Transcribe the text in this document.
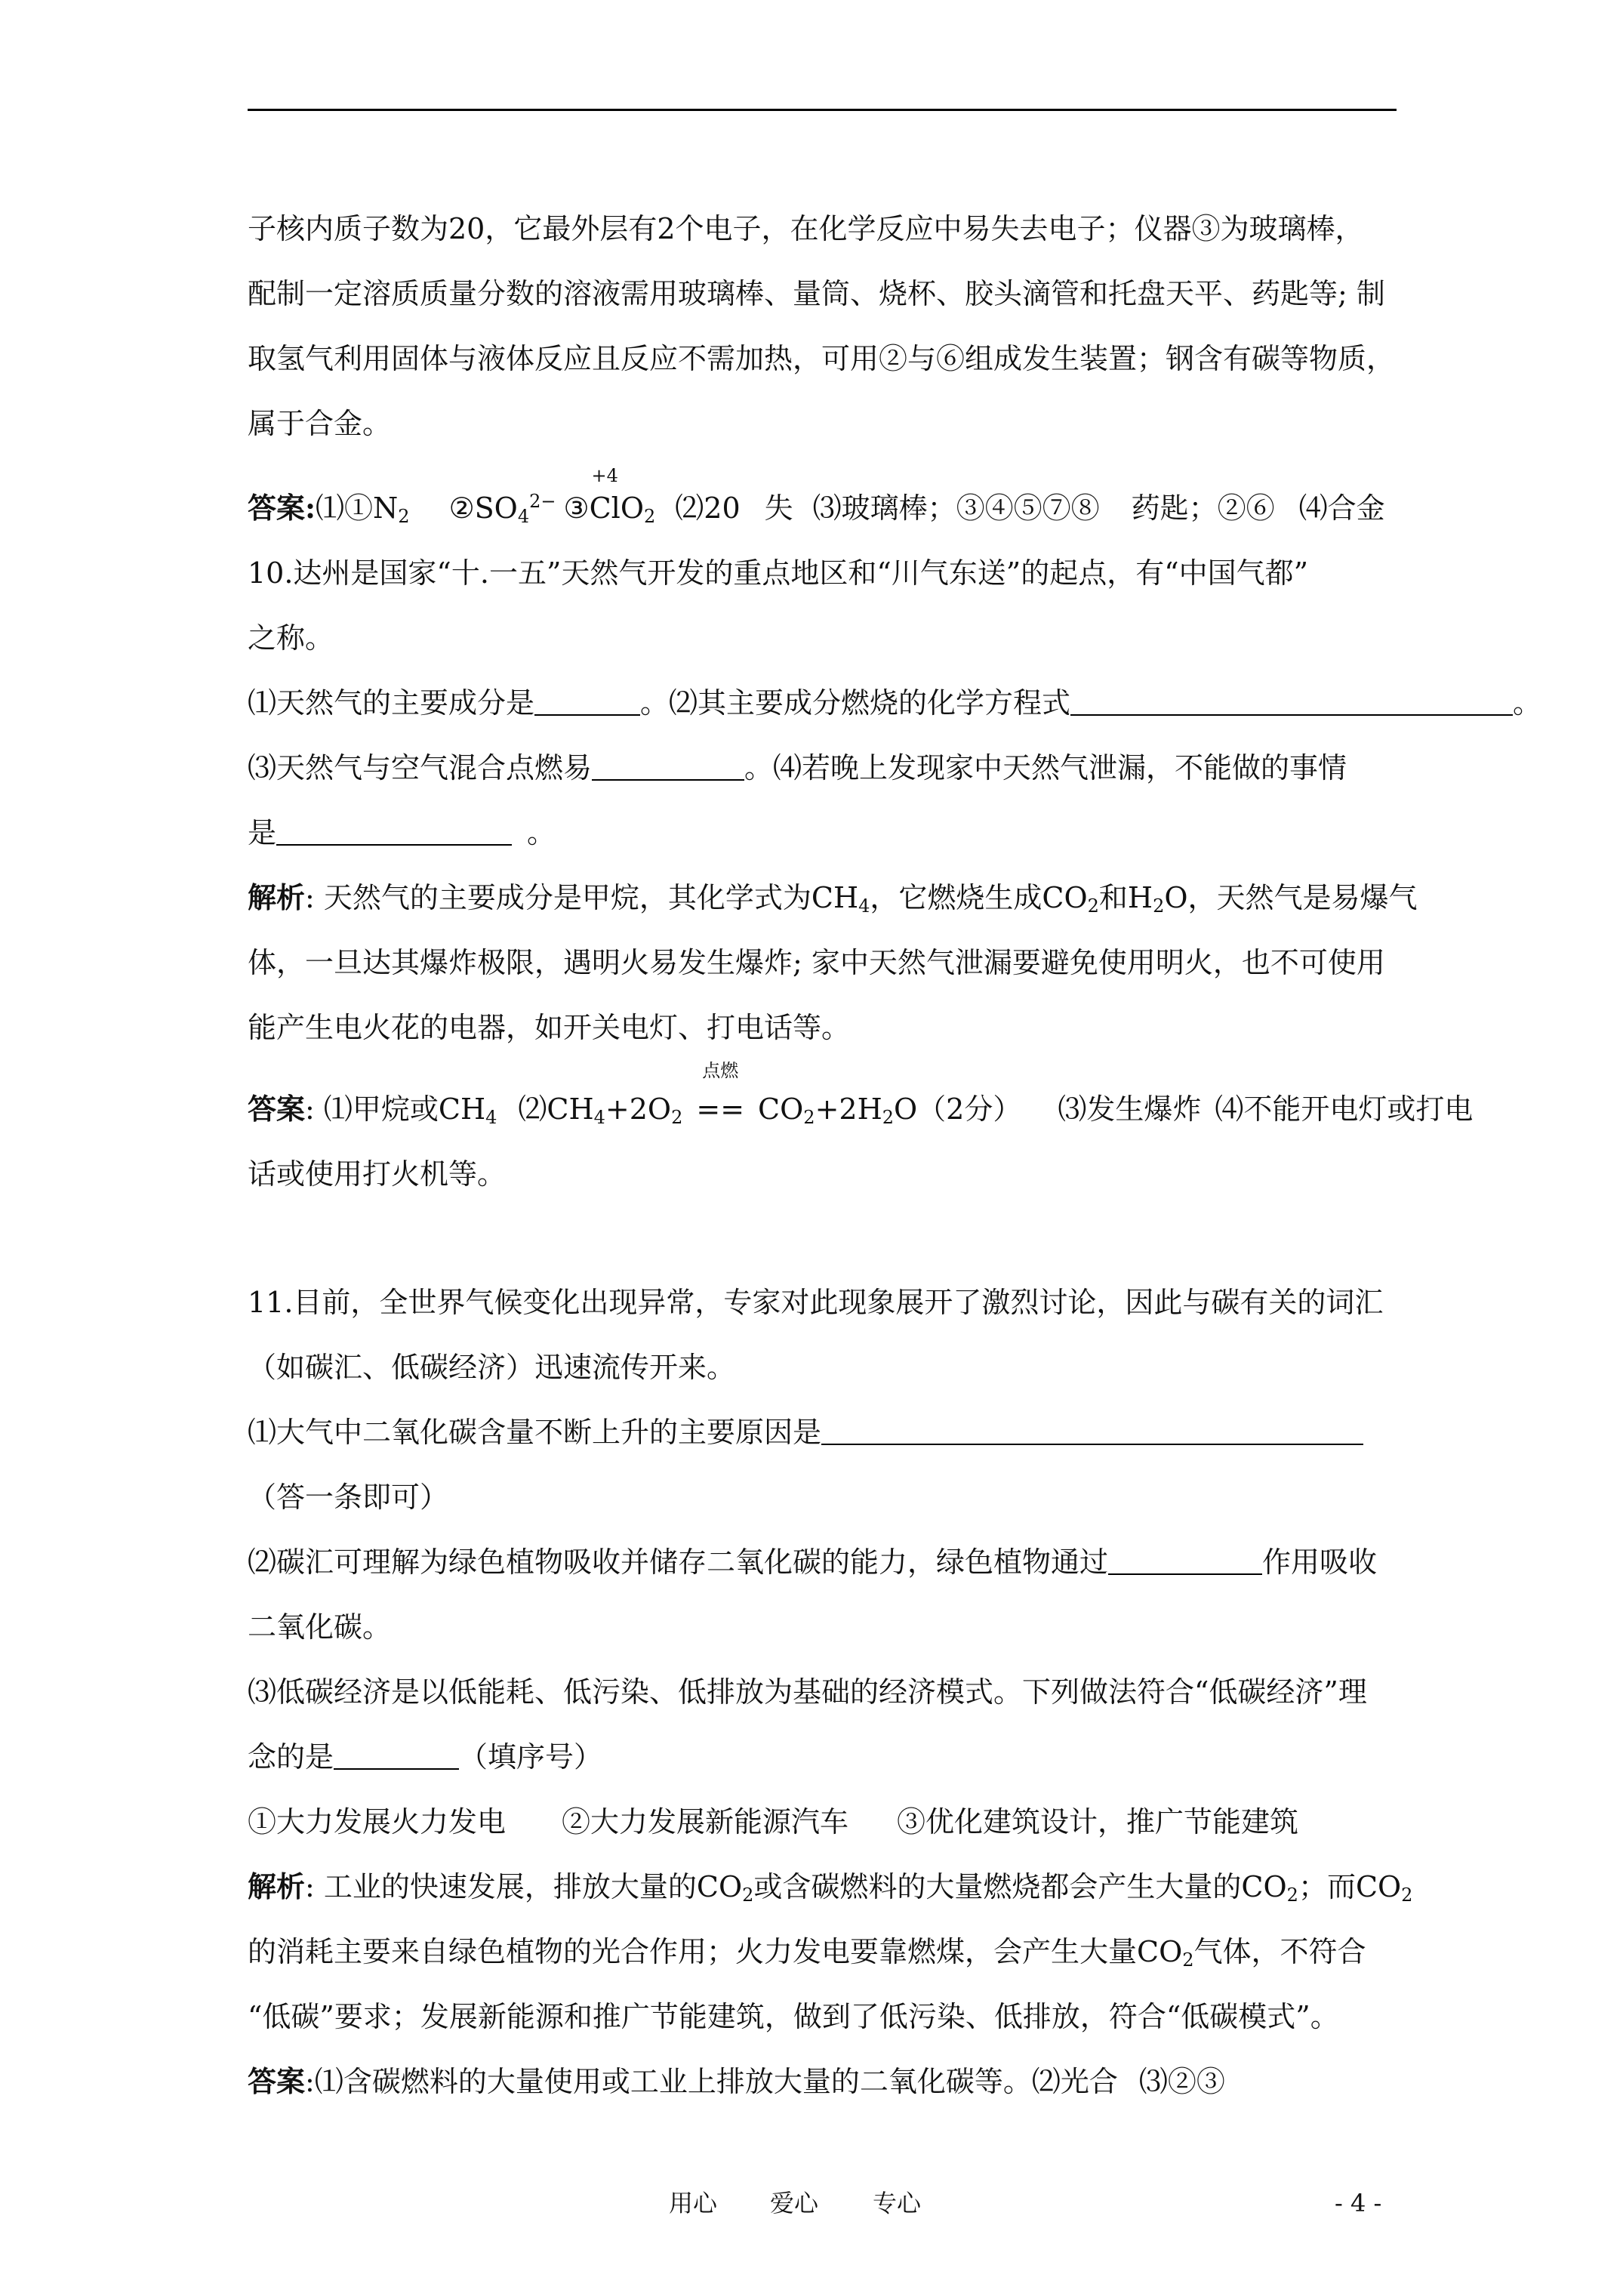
子核内质子数为20，它最外层有2个电子，在化学反应中易失去电子；仪器③为玻璃棒，
配制一定溶质质量分数的溶液需用玻璃棒、量筒、烧杯、胶头滴管和托盘天平、药匙等; 制
取氢气利用固体与液体反应且反应不需加热，可用②与⑥组成发生装置；钢含有碳等物质，
属于合金。
答案$:⑴①N_2$ $②SO_4^{2-}$ ③
+4
ClO$_2$ ⑵20 失 ⑶玻璃棒；③④⑤⑦⑧ 药匙；②⑥ ⑷合金
10.达州是国家“十.一五”天然气开发的重点地区和“川气东送”的起点，有“中国气都”
之称。
⑴天然气的主要成分是	。⑵其主要成分燃烧的化学方程式	。
⑶天然气与空气混合点燃易	。⑷若晚上发现家中天然气泄漏，不能做的事情
是	。
解析: 天然气的主要成分是甲烷，其化学式为$CH_4$，它燃烧生成$CO_2$和$H_2O$，天然气是易爆气
体，一旦达其爆炸极限，遇明火易发生爆炸; 家中天然气泄漏要避免使用明火，也不可使用
能产生电火花的电器，如开关电灯、打电话等。
答案: ⑴甲烷或$CH_4$ $⑵CH_4+2O_2$
点燃
== $CO_2+2H_2O(2$分） ⑶发生爆炸 ⑷不能开电灯或打电
话或使用打火机等。
11.目前，全世界气候变化出现异常，专家对此现象展开了激烈讨论，因此与碳有关的词汇
（如碳汇、低碳经济）迅速流传开来。
⑴大气中二氧化碳含量不断上升的主要原因是
（答一条即可）
⑵碳汇可理解为绿色植物吸收并储存二氧化碳的能力，绿色植物通过	作用吸收
二氧化碳。
⑶低碳经济是以低能耗、低污染、低排放为基础的经济模式。下列做法符合“低碳经济”理
念的是	（填序号）
①大力发展火力发电 ②大力发展新能源汽车 ③优化建筑设计，推广节能建筑
解析: 工业的快速发展，排放大量的$CO_2$或含碳燃料的大量燃烧都会产生大量的$CO_2$；而$CO_2$
的消耗主要来自绿色植物的光合作用；火力发电要靠燃煤，会产生大量$CO_2$气体，不符合
“低碳”要求；发展新能源和推广节能建筑，做到了低污染、低排放，符合“低碳模式”。
答案:⑴含碳燃料的大量使用或工业上排放大量的二氧化碳等。⑵光合 ⑶②③
用心 爱心 专心	- 4 -
